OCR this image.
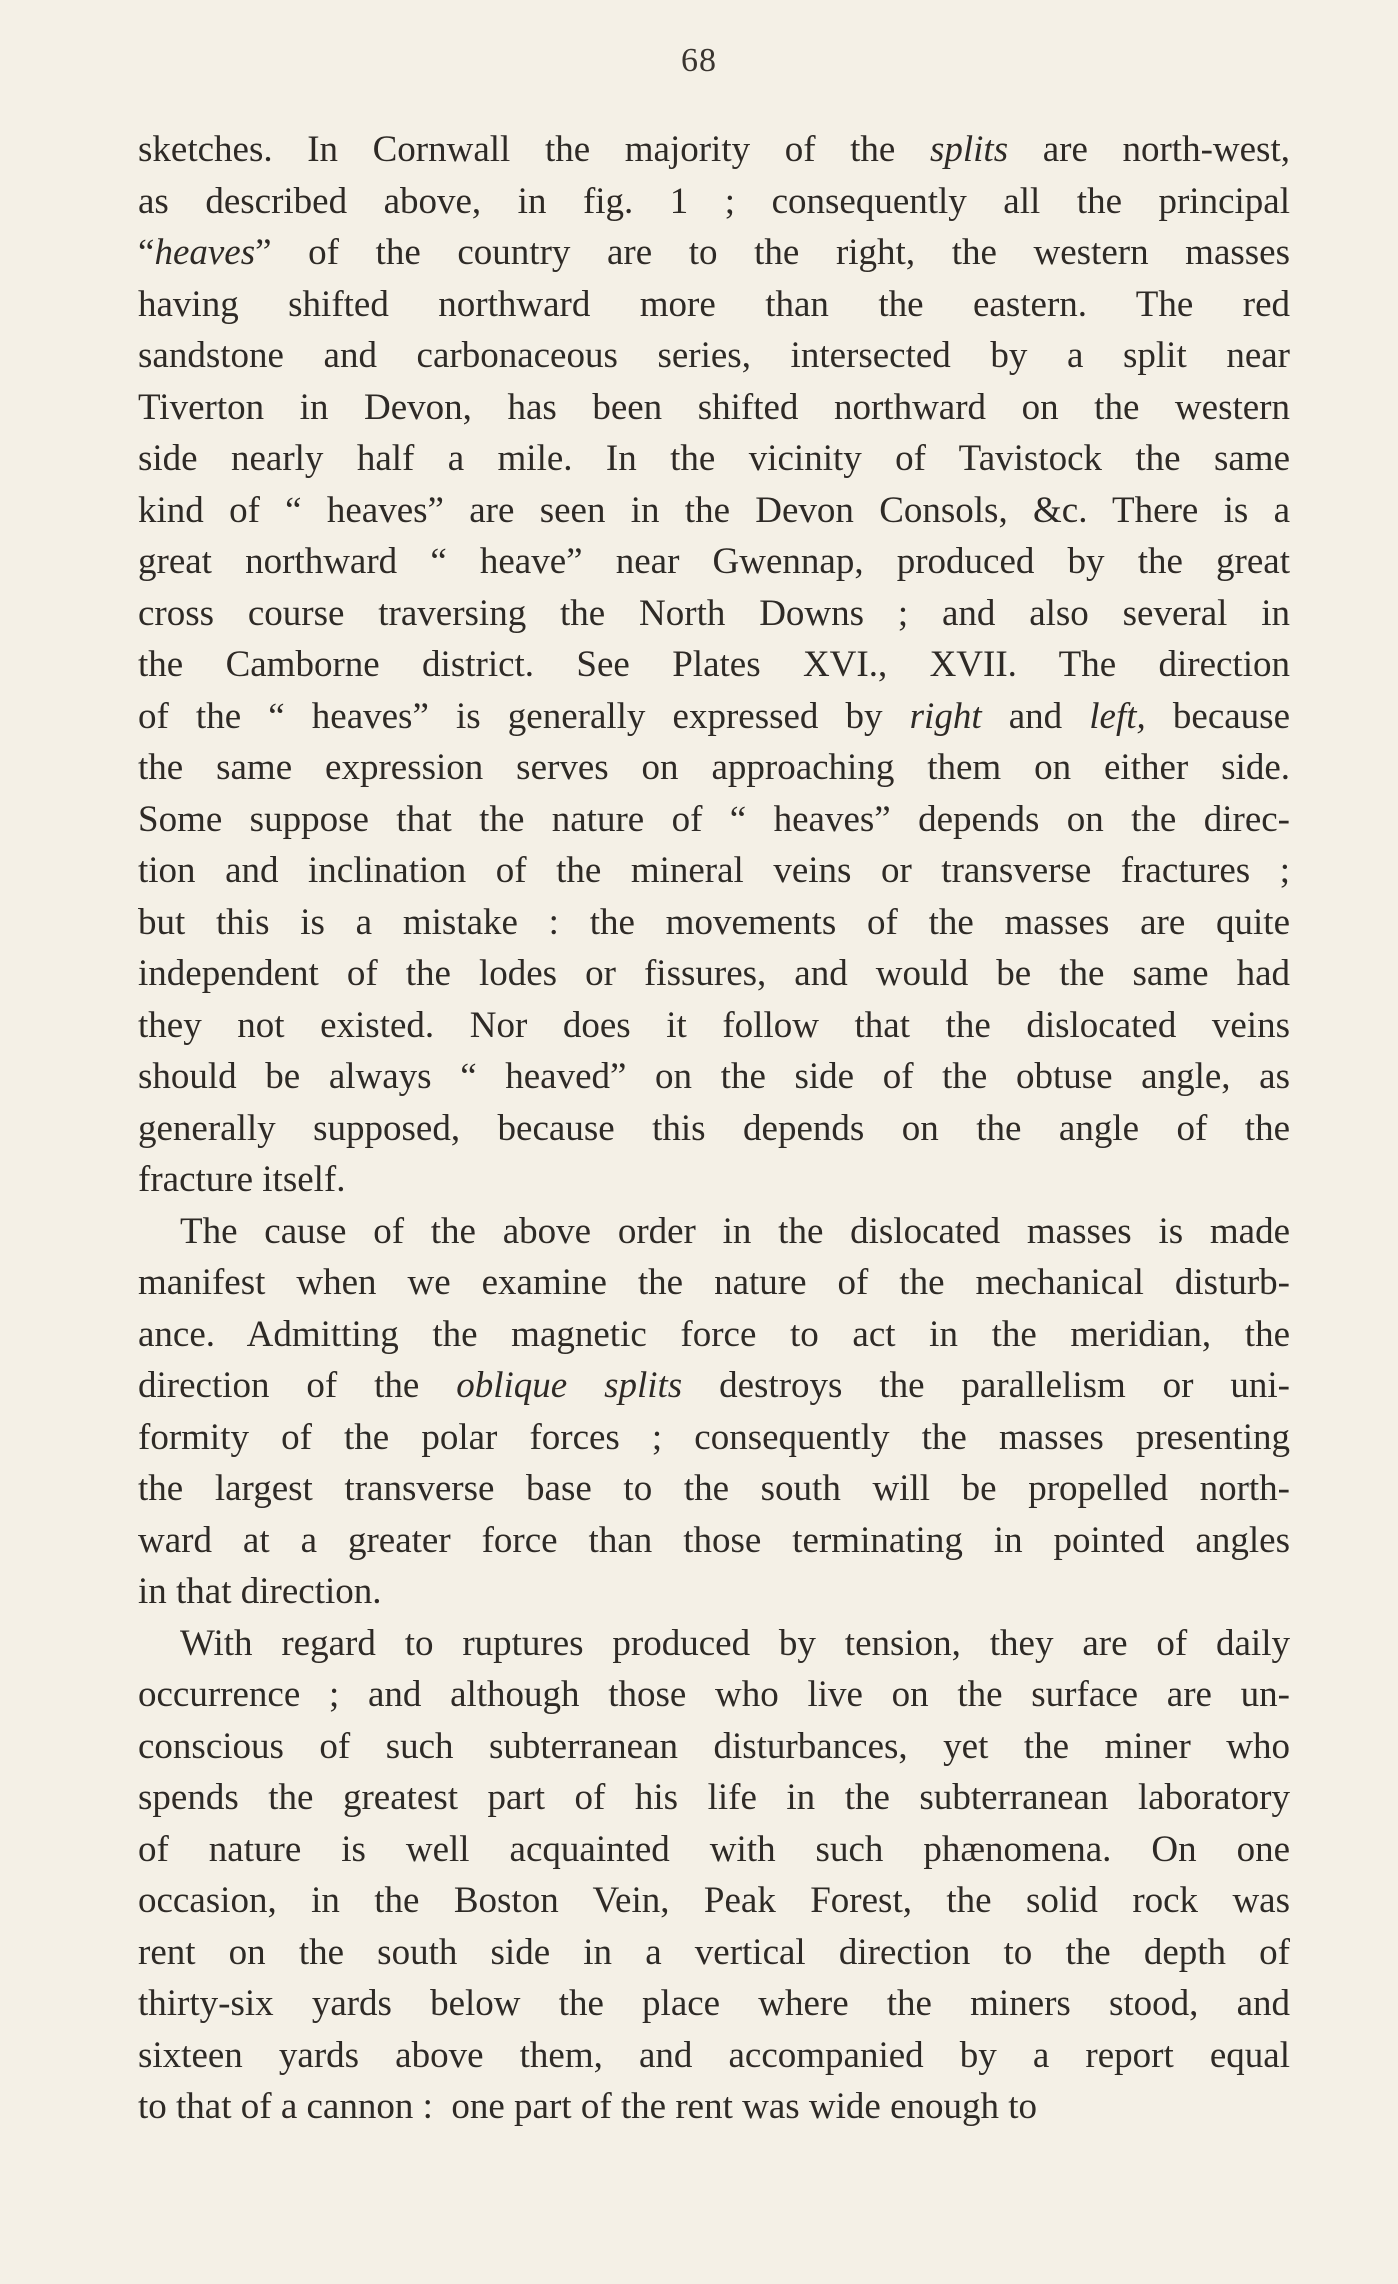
68
sketches. In Cornwall the majority of the splits are north-west,
as described above, in fig. 1 ; consequently all the principal
“heaves” of the country are to the right, the western masses
having shifted northward more than the eastern. The red
sandstone and carbonaceous series, intersected by a split near
Tiverton in Devon, has been shifted northward on the western
side nearly half a mile. In the vicinity of Tavistock the same
kind of “ heaves” are seen in the Devon Consols, &c. There is a
great northward “ heave” near Gwennap, produced by the great
cross course traversing the North Downs ; and also several in
the Camborne district. See Plates XVI., XVII. The direction
of the “ heaves” is generally expressed by right and left, because
the same expression serves on approaching them on either side.
Some suppose that the nature of “ heaves” depends on the direc-
tion and inclination of the mineral veins or transverse fractures ;
but this is a mistake : the movements of the masses are quite
independent of the lodes or fissures, and would be the same had
they not existed. Nor does it follow that the dislocated veins
should be always “ heaved” on the side of the obtuse angle, as
generally supposed, because this depends on the angle of the
fracture itself.
The cause of the above order in the dislocated masses is made
manifest when we examine the nature of the mechanical disturb-
ance. Admitting the magnetic force to act in the meridian, the
direction of the oblique splits destroys the parallelism or uni-
formity of the polar forces ; consequently the masses presenting
the largest transverse base to the south will be propelled north-
ward at a greater force than those terminating in pointed angles
in that direction.
With regard to ruptures produced by tension, they are of daily
occurrence ; and although those who live on the surface are un-
conscious of such subterranean disturbances, yet the miner who
spends the greatest part of his life in the subterranean laboratory
of nature is well acquainted with such phænomena. On one
occasion, in the Boston Vein, Peak Forest, the solid rock was
rent on the south side in a vertical direction to the depth of
thirty-six yards below the place where the miners stood, and
sixteen yards above them, and accompanied by a report equal
to that of a cannon :  one part of the rent was wide enough to
